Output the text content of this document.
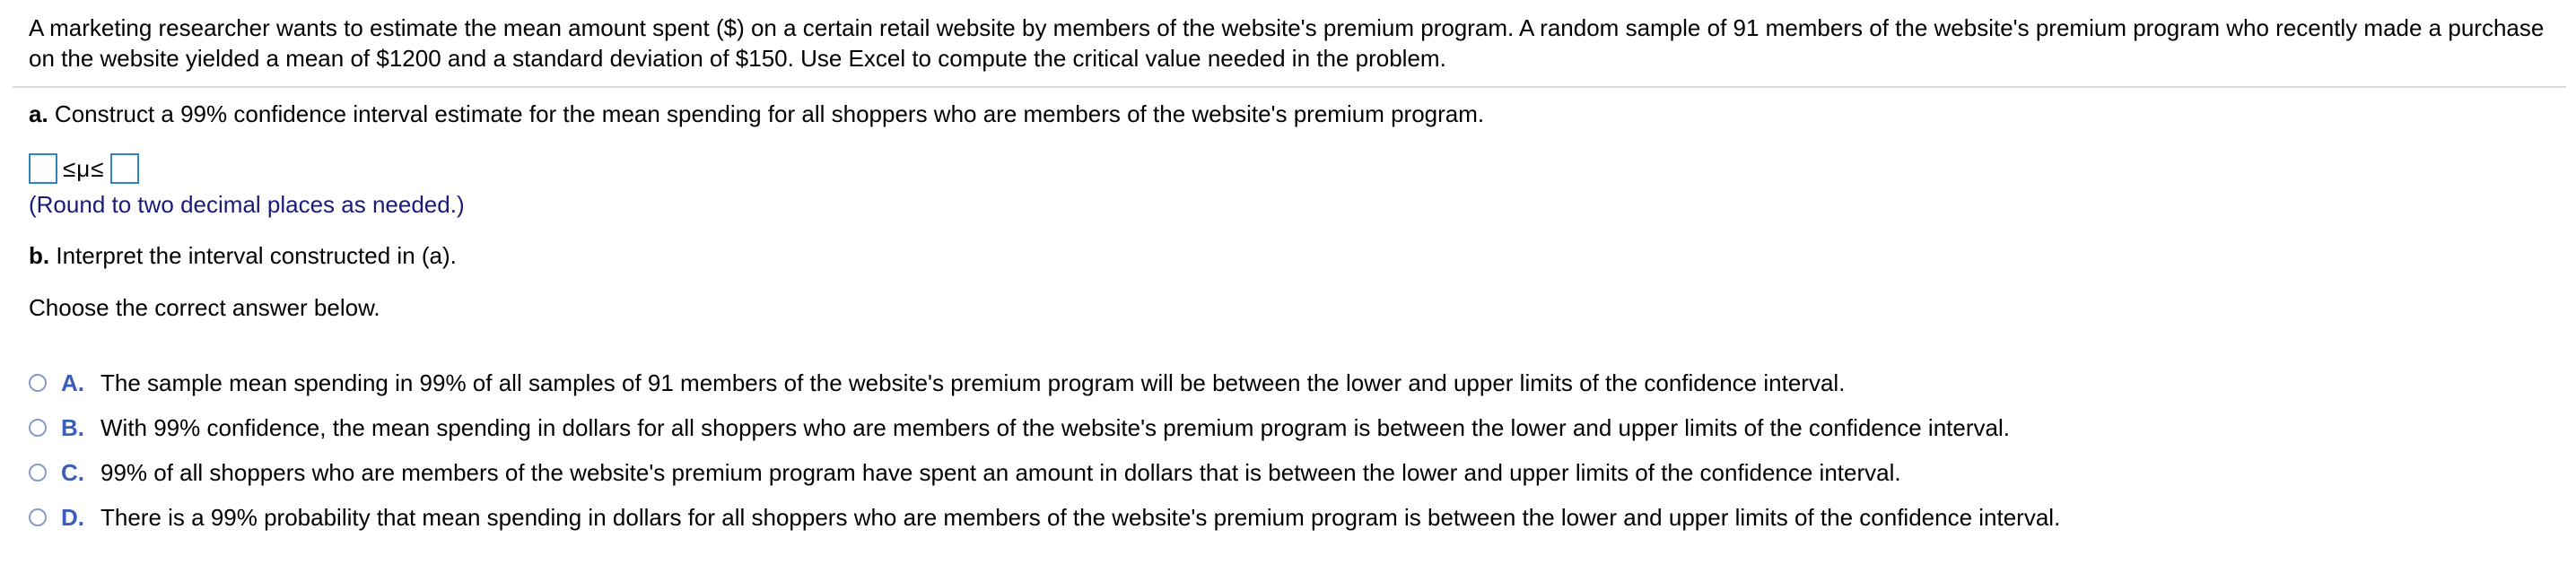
A marketing researcher wants to estimate the mean amount spent ($) on a certain retail website by members of the website's premium program. A random sample of 91 members of the website's premium program who recently made a purchase on the website yielded a mean of $1200 and a standard deviation of $150. Use Excel to compute the critical value needed in the problem.
a. Construct a 99% confidence interval estimate for the mean spending for all shoppers who are members of the website's premium program.
≤μ≤
(Round to two decimal places as needed.)
b. Interpret the interval constructed in (a).
Choose the correct answer below.
A. The sample mean spending in 99% of all samples of 91 members of the website's premium program will be between the lower and upper limits of the confidence interval.
B. With 99% confidence, the mean spending in dollars for all shoppers who are members of the website's premium program is between the lower and upper limits of the confidence interval.
C. 99% of all shoppers who are members of the website's premium program have spent an amount in dollars that is between the lower and upper limits of the confidence interval.
D. There is a 99% probability that mean spending in dollars for all shoppers who are members of the website's premium program is between the lower and upper limits of the confidence interval.
